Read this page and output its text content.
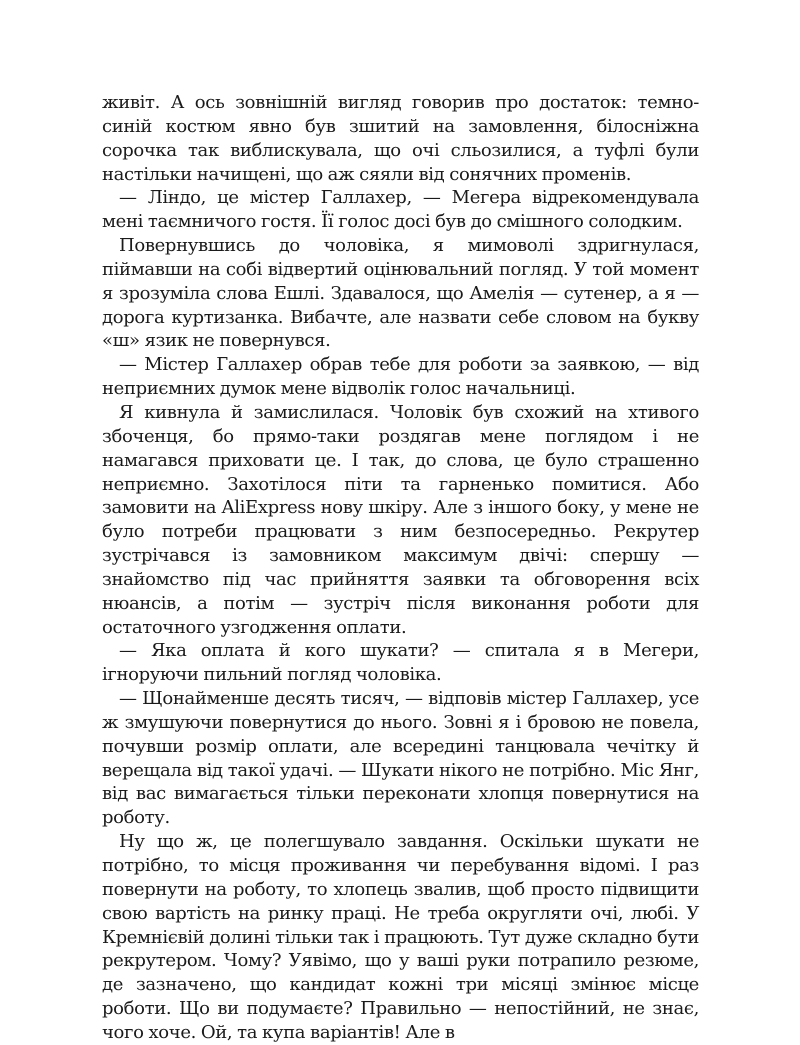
живіт. А ось зовнішній вигляд говорив про достаток: темно-синій костюм явно був зшитий на замовлення, білосніжна сорочка так виблискувала, що очі сльозилися, а туфлі були настільки начищені, що аж сяяли від сонячних променів.

— Ліндо, це містер Галлахер, — Мегера відрекомендувала мені таємничого гостя. Її голос досі був до смішного солодким.

Повернувшись до чоловіка, я мимоволі здригнулася, піймавши на собі відвертий оцінювальний погляд. У той момент я зрозуміла слова Ешлі. Здавалося, що Амелія — сутенер, а я — дорога куртизанка. Вибачте, але назвати себе словом на букву «ш» язик не повернувся.

— Містер Галлахер обрав тебе для роботи за заявкою, — від неприємних думок мене відволік голос начальниці.

Я кивнула й замислилася. Чоловік був схожий на хтивого збоченця, бо прямо-таки роздягав мене поглядом і не намагався приховати це. І так, до слова, це було страшенно неприємно. Захотілося піти та гарненько помитися. Або замовити на AliExpress нову шкіру. Але з іншого боку, у мене не було потреби працювати з ним безпосередньо. Рекрутер зустрічався із замовником максимум двічі: спершу — знайомство під час прийняття заявки та обговорення всіх нюансів, а потім — зустріч після виконання роботи для остаточного узгодження оплати.

— Яка оплата й кого шукати? — спитала я в Мегери, ігноруючи пильний погляд чоловіка.

— Щонайменше десять тисяч, — відповів містер Галлахер, усе ж змушуючи повернутися до нього. Зовні я і бровою не повела, почувши розмір оплати, але всередині танцювала чечітку й верещала від такої удачі. — Шукати нікого не потрібно. Міс Янг, від вас вимагається тільки переконати хлопця повернутися на роботу.

Ну що ж, це полегшувало завдання. Оскільки шукати не потрібно, то місця проживання чи перебування відомі. І раз повернути на роботу, то хлопець звалив, щоб просто підвищити свою вартість на ринку праці. Не треба округляти очі, любі. У Кремнієвій долині тільки так і працюють. Тут дуже складно бути рекрутером. Чому? Уявімо, що у ваші руки потрапило резюме, де зазначено, що кандидат кожні три місяці змінює місце роботи. Що ви подумаєте? Правильно — непостійний, не знає, чого хоче. Ой, та купа варіантів! Але в
